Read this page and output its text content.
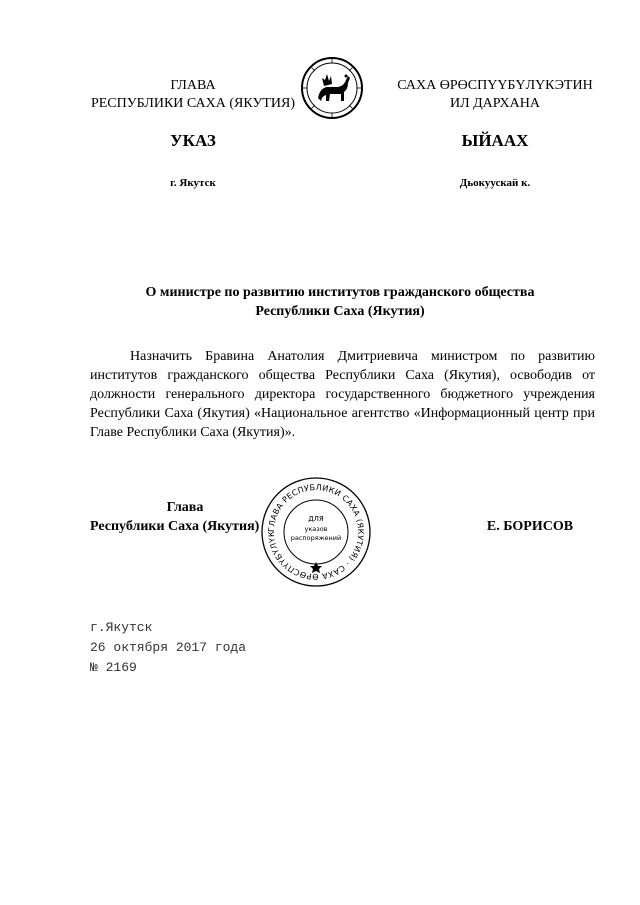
ГЛАВА
РЕСПУБЛИКИ САХА (ЯКУТИЯ)
САХА ӨРӨСПҮҮБҮЛҮКЭТИН
ИЛ ДАРХАНА
УКАЗ	ЫЙААХ
г. Якутск	Дьокуускай к.
О министре по развитию институтов гражданского общества
Республики Саха (Якутия)
Назначить Бравина Анатолия Дмитриевича министром по развитию институтов гражданского общества Республики Саха (Якутия), освободив от должности генерального директора государственного бюджетного учреждения Республики Саха (Якутия) «Национальное агентство «Информационный центр при Главе Республики Саха (Якутия)».
Глава
Республики Саха (Якутия) ГЛАВА РЕСПУБЛИКИ САХА (ЯКУТИЯ) · САХА ӨРӨСПҮҮБҮЛҮК
ДЛЯ
указов
распоряжений
Е. БОРИСОВ
г.Якутск
26 октября 2017 года
№ 2169
